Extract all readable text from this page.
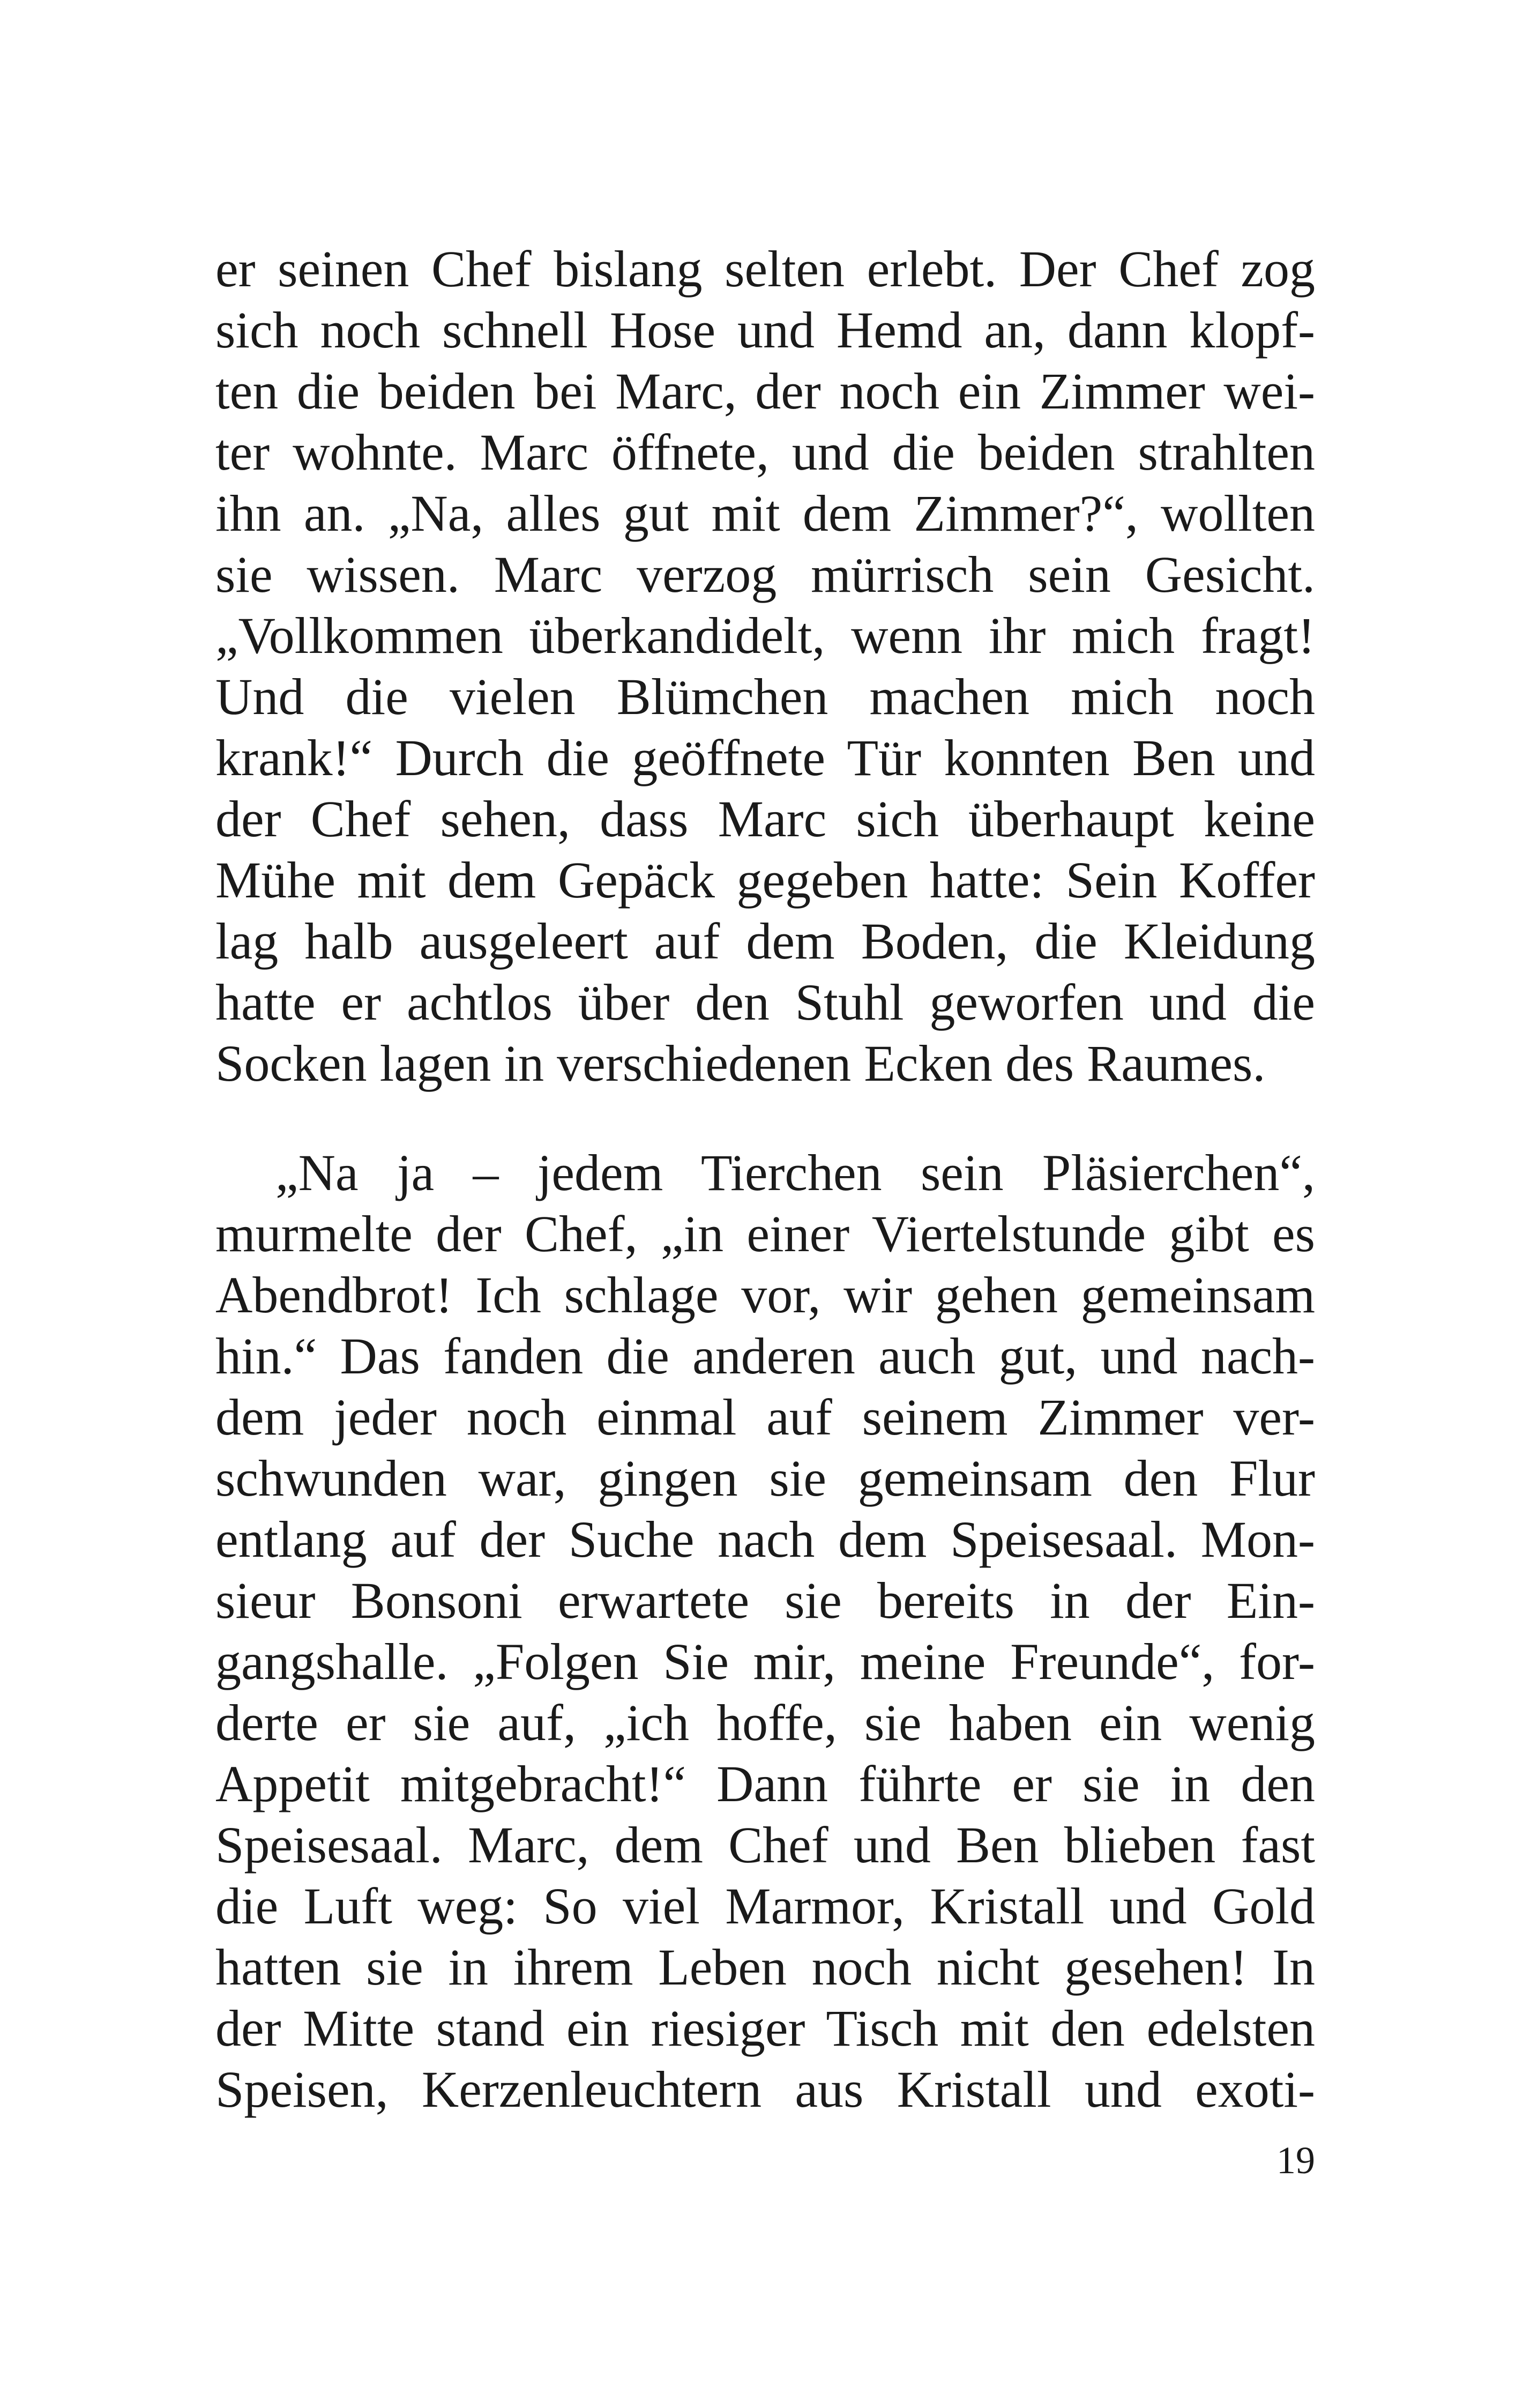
er seinen Chef bislang selten erlebt. Der Chef zog
sich noch schnell Hose und Hemd an, dann klopf-
ten die beiden bei Marc, der noch ein Zimmer wei-
ter wohnte. Marc öffnete, und die beiden strahlten
ihn an. „Na, alles gut mit dem Zimmer?“, wollten
sie wissen. Marc verzog mürrisch sein Gesicht.
„Vollkommen überkandidelt, wenn ihr mich fragt!
Und die vielen Blümchen machen mich noch
krank!“ Durch die geöffnete Tür konnten Ben und
der Chef sehen, dass Marc sich überhaupt keine
Mühe mit dem Gepäck gegeben hatte: Sein Koffer
lag halb ausgeleert auf dem Boden, die Kleidung
hatte er achtlos über den Stuhl geworfen und die
Socken lagen in verschiedenen Ecken des Raumes.
„Na ja – jedem Tierchen sein Pläsierchen“,
murmelte der Chef, „in einer Viertelstunde gibt es
Abendbrot! Ich schlage vor, wir gehen gemeinsam
hin.“ Das fanden die anderen auch gut, und nach-
dem jeder noch einmal auf seinem Zimmer ver-
schwunden war, gingen sie gemeinsam den Flur
entlang auf der Suche nach dem Speisesaal. Mon-
sieur Bonsoni erwartete sie bereits in der Ein-
gangshalle. „Folgen Sie mir, meine Freunde“, for-
derte er sie auf, „ich hoffe, sie haben ein wenig
Appetit mitgebracht!“ Dann führte er sie in den
Speisesaal. Marc, dem Chef und Ben blieben fast
die Luft weg: So viel Marmor, Kristall und Gold
hatten sie in ihrem Leben noch nicht gesehen! In
der Mitte stand ein riesiger Tisch mit den edelsten
Speisen, Kerzenleuchtern aus Kristall und exoti-
19
